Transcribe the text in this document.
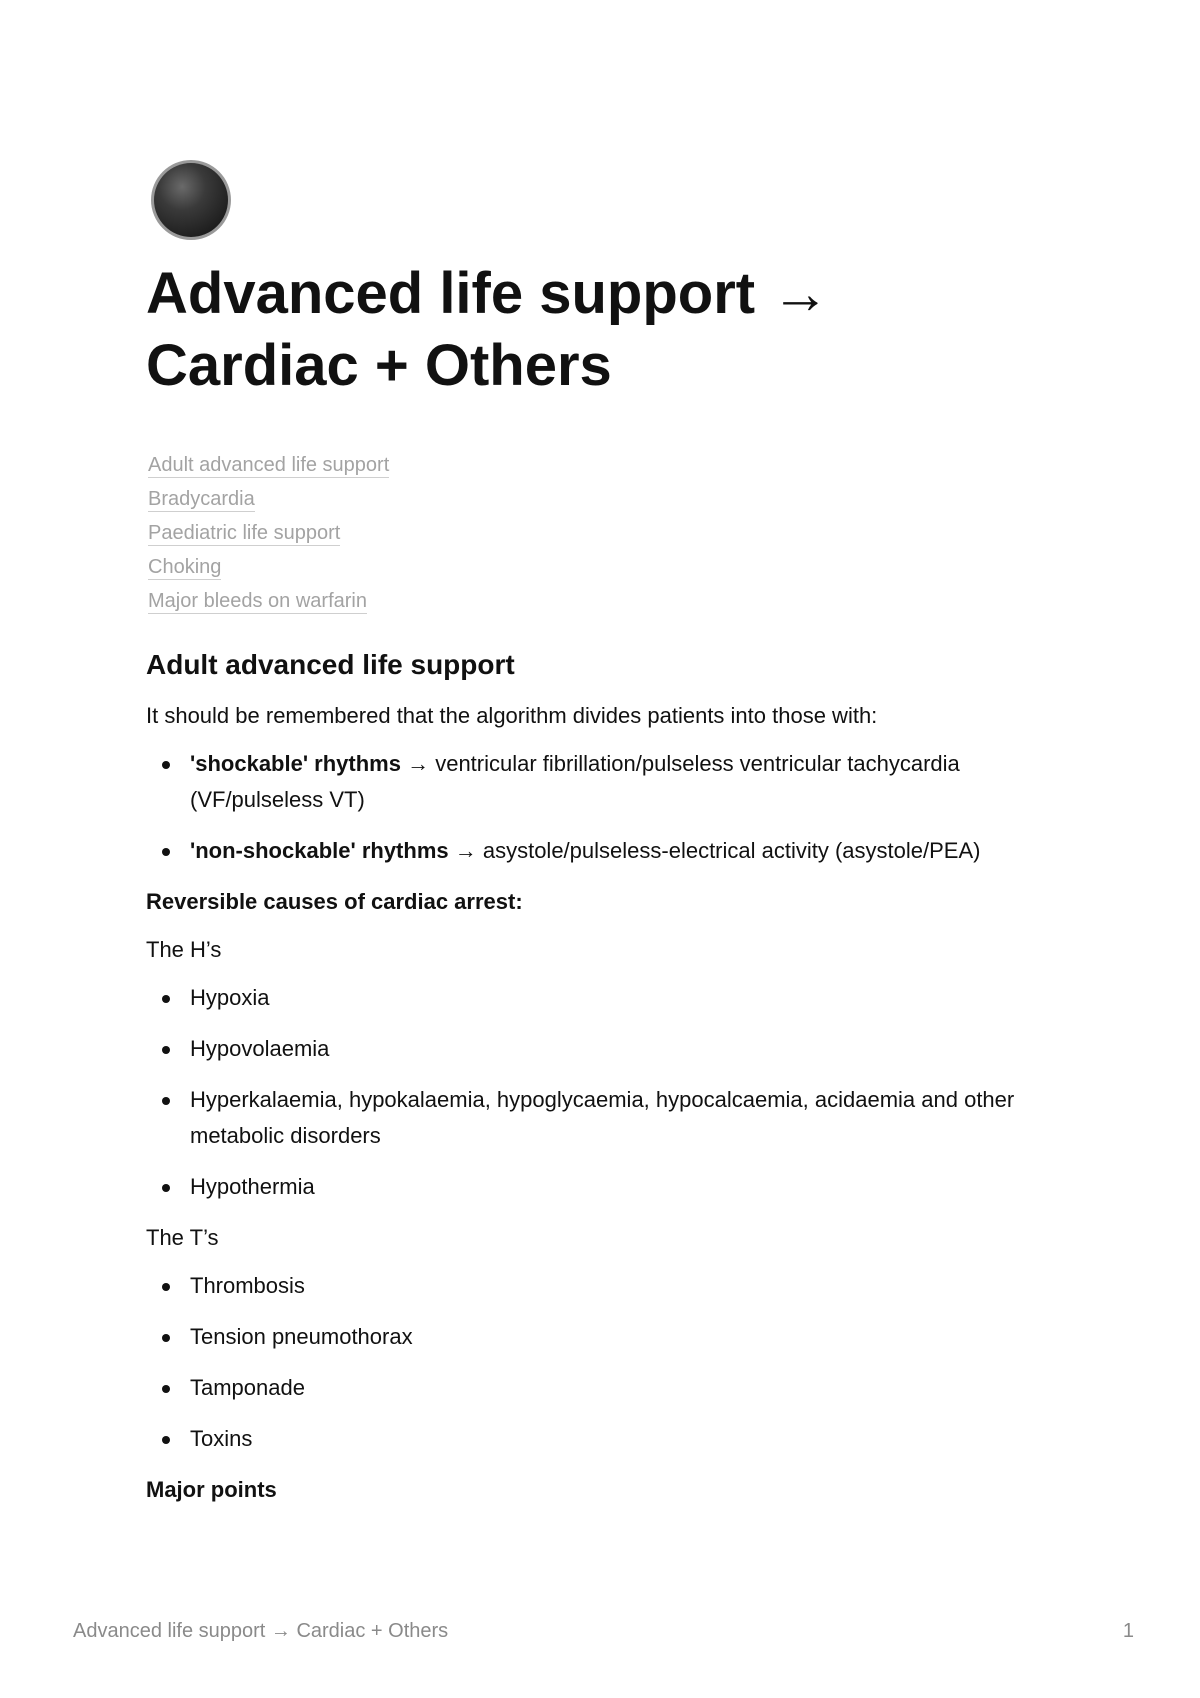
Advanced life support →
Cardiac + Others
Adult advanced life support
Bradycardia
Paediatric life support
Choking
Major bleeds on warfarin
Adult advanced life support

It should be remembered that the algorithm divides patients into those with:

'shockable' rhythms → ventricular fibrillation/pulseless ventricular tachycardia (VF/pulseless VT)
'non-shockable' rhythms → asystole/pulseless-electrical activity (asystole/PEA)

Reversible causes of cardiac arrest:

The H’s

Hypoxia
Hypovolaemia
Hyperkalaemia, hypokalaemia, hypoglycaemia, hypocalcaemia, acidaemia and other metabolic disorders
Hypothermia

The T’s

Thrombosis
Tension pneumothorax
Tamponade
Toxins

Major points

Advanced life support → Cardiac + Others	1
